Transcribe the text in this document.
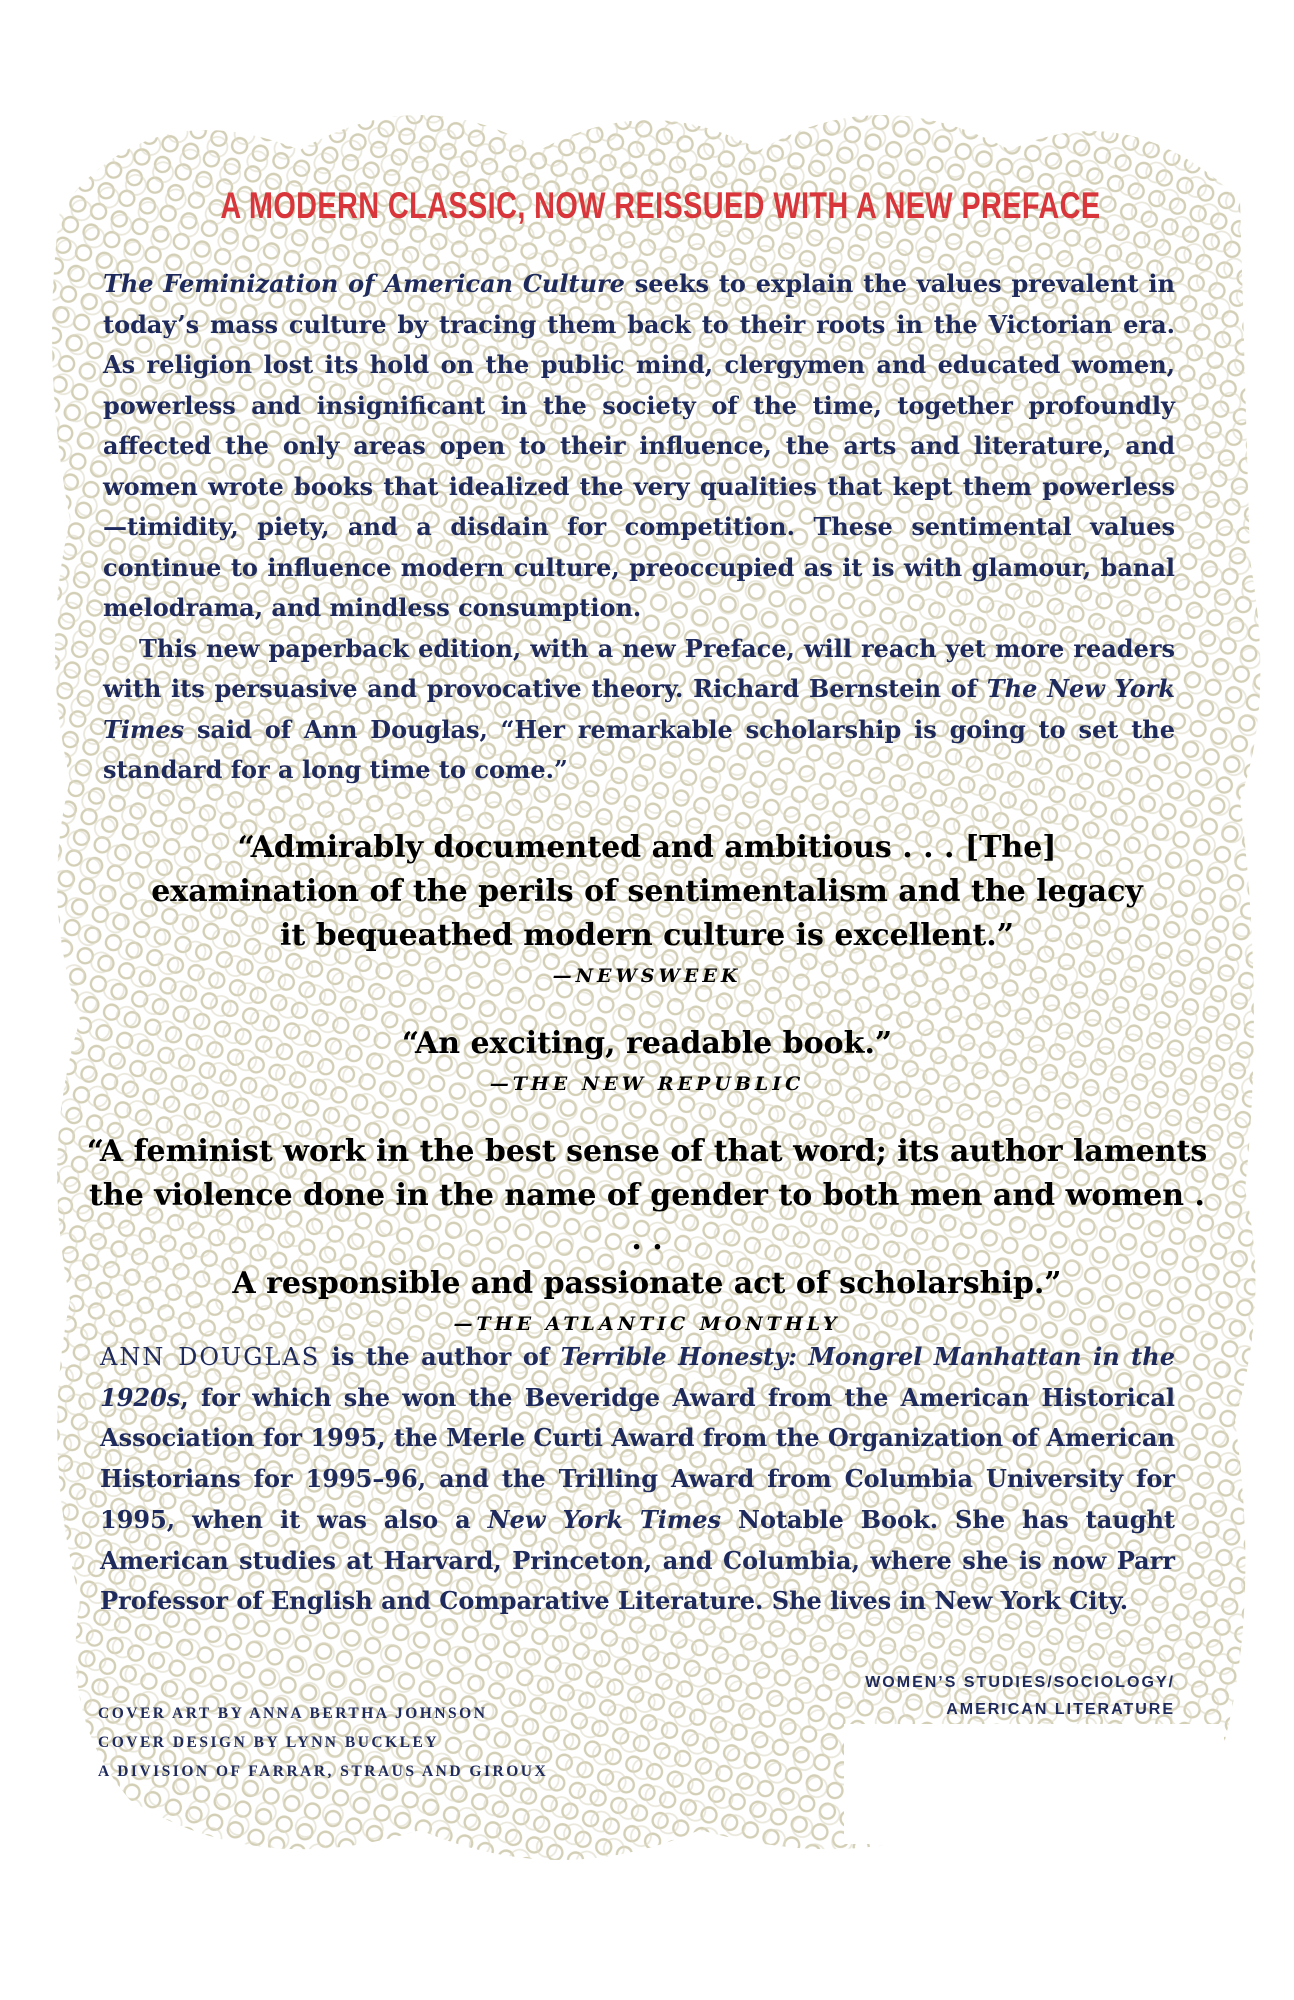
A MODERN CLASSIC, NOW REISSUED WITH A NEW PREFACE

The Feminization of American Culture seeks to explain the values prevalent in today’s mass culture by tracing them back to their roots in the Victorian era. As religion lost its hold on the public mind, clergymen and educated women, powerless and insignificant in the society of the time, together profoundly affected the only areas open to their influence, the arts and literature, and women wrote books that idealized the very qualities that kept them powerless—timidity, piety, and a disdain for competition. These sentimental values continue to influence modern culture, preoccupied as it is with glamour, banal melodrama, and mindless consumption.

This new paperback edition, with a new Preface, will reach yet more readers with its persuasive and provocative theory. Richard Bernstein of The New York Times said of Ann Douglas, “Her remarkable scholarship is going to set the standard for a long time to come.”

“Admirably documented and ambitious . . . [The]
examination of the perils of sentimentalism and the legacy
it bequeathed modern culture is excellent.”

—NEWSWEEK

“An exciting, readable book.”

—THE NEW REPUBLIC

“A feminist work in the best sense of that word; its author laments
the violence done in the name of gender to both men and women . . .
A responsible and passionate act of scholarship.”

—THE ATLANTIC MONTHLY

ANN DOUGLAS is the author of Terrible Honesty: Mongrel Manhattan in the 1920s, for which she won the Beveridge Award from the American Historical Association for 1995, the Merle Curti Award from the Organization of American Historians for 1995–96, and the Trilling Award from Columbia University for 1995, when it was also a New York Times Notable Book. She has taught American studies at Harvard, Princeton, and Columbia, where she is now Parr Professor of English and Comparative Literature. She lives in New York City.

WOMEN’S STUDIES/SOCIOLOGY/
AMERICAN LITERATURE
COVER ART BY ANNA BERTHA JOHNSON
COVER DESIGN BY LYNN BUCKLEY
A DIVISION OF FARRAR, STRAUS AND GIROUX
